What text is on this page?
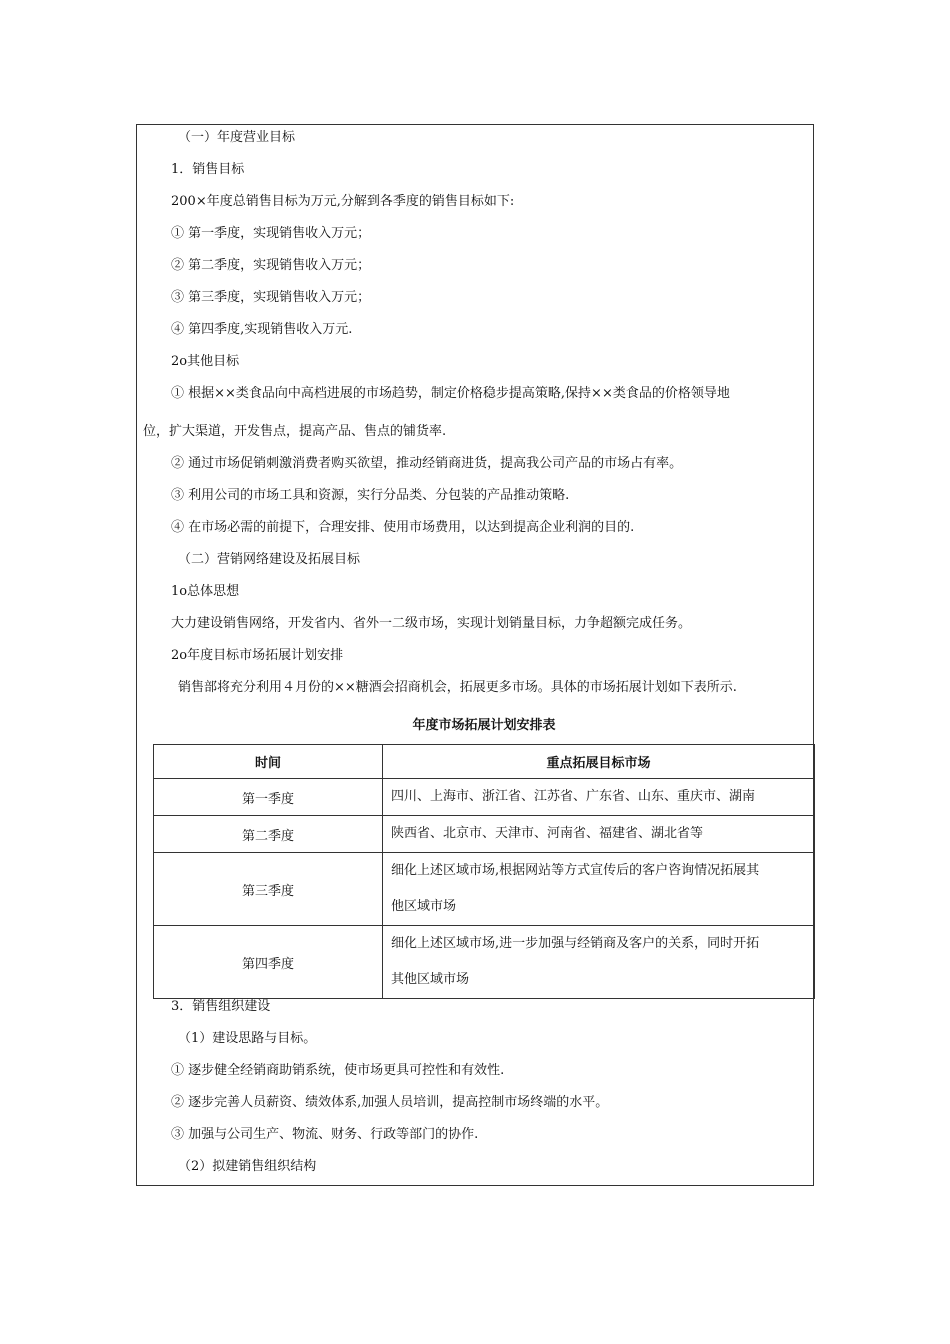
（一）年度营业目标
1．销售目标
200×年度总销售目标为万元,分解到各季度的销售目标如下:
① 第一季度，实现销售收入万元；
② 第二季度，实现销售收入万元；
③ 第三季度，实现销售收入万元；
④ 第四季度,实现销售收入万元.
2o其他目标
① 根据××类食品向中高档进展的市场趋势，制定价格稳步提高策略,保持××类食品的价格领导地
位，扩大渠道，开发售点，提高产品、售点的铺货率.
② 通过市场促销刺激消费者购买欲望，推动经销商进货，提高我公司产品的市场占有率。
③ 利用公司的市场工具和资源，实行分品类、分包装的产品推动策略.
④ 在市场必需的前提下，合理安排、使用市场费用，以达到提高企业利润的目的.
（二）营销网络建设及拓展目标
1o总体思想
大力建设销售网络，开发省内、省外一二级市场，实现计划销量目标，力争超额完成任务。
2o年度目标市场拓展计划安排
销售部将充分利用４月份的××糖酒会招商机会，拓展更多市场。具体的市场拓展计划如下表所示.
年度市场拓展计划安排表
时间	重点拓展目标市场
第一季度	四川、上海市、浙江省、江苏省、广东省、山东、重庆市、湖南
第二季度	陕西省、北京市、天津市、河南省、福建省、湖北省等
第三季度	细化上述区域市场,根据网站等方式宣传后的客户咨询情况拓展其
他区域市场

第四季度	细化上述区域市场,进一步加强与经销商及客户的关系，同时开拓
其他区域市场
3．销售组织建设
（1）建设思路与目标。
① 逐步健全经销商助销系统，使市场更具可控性和有效性.
② 逐步完善人员薪资、绩效体系,加强人员培训，提高控制市场终端的水平。
③ 加强与公司生产、物流、财务、行政等部门的协作.
（2）拟建销售组织结构
